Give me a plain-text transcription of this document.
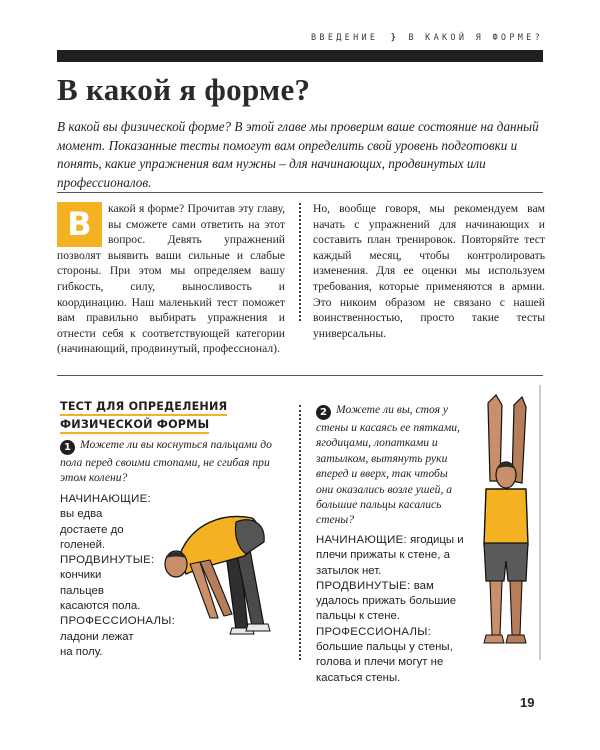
ВВЕДЕНИЕ } В КАКОЙ Я ФОРМЕ?
В какой я форме?
В какой вы физической форме? В этой главе мы проверим ваше состояние на данный момент. Показанные тесты помогут вам определить свой уровень подготовки и понять, какие упражнения вам нужны – для начинающих, продвинутых или профессионалов.
В	какой я форме? Прочитав эту главу, вы сможете сами ответить на этот вопрос. Девять упражнений позволят выявить ваши сильные и слабые стороны. При этом мы определяем вашу гибкость, силу, выносливость и координацию. Наш маленький тест поможет вам правильно выбирать упражнения и отнести себя к соответствующей категории (начинающий, продвинутый, профессионал).
Но, вообще говоря, мы рекомендуем вам начать с упражнений для начинающих и составить план тренировок. Повторяйте тест каждый месяц, чтобы контролировать изменения. Для ее оценки мы используем требования, которые применяются в армии. Это никоим образом не связано с нашей воинственностью, просто такие тесты универсальны.
ТЕСТ ДЛЯ ОПРЕДЕЛЕНИЯ
ФИЗИЧЕСКОЙ ФОРМЫ
1 Можете ли вы коснуться пальцами до пола перед своими стопами, не сгибая при этом колени?
НАЧИНАЮЩИЕ: вы едва достаете до голеней.
ПРОДВИНУТЫЕ: кончики пальцев касаются пола.
ПРОФЕССИОНАЛЫ: ладони лежат на полу.
2 Можете ли вы, стоя у стены и касаясь ее пятками, ягодицами, лопатками и затылком, вытянуть руки вперед и вверх, так чтобы они оказались возле ушей, а большие пальцы касались стены?
НАЧИНАЮЩИЕ: ягодицы и плечи прижаты к стене, а затылок нет.
ПРОДВИНУТЫЕ: вам удалось прижать большие пальцы к стене.
ПРОФЕССИОНАЛЫ: большие пальцы у стены, голова и плечи могут не касаться стены.
19
